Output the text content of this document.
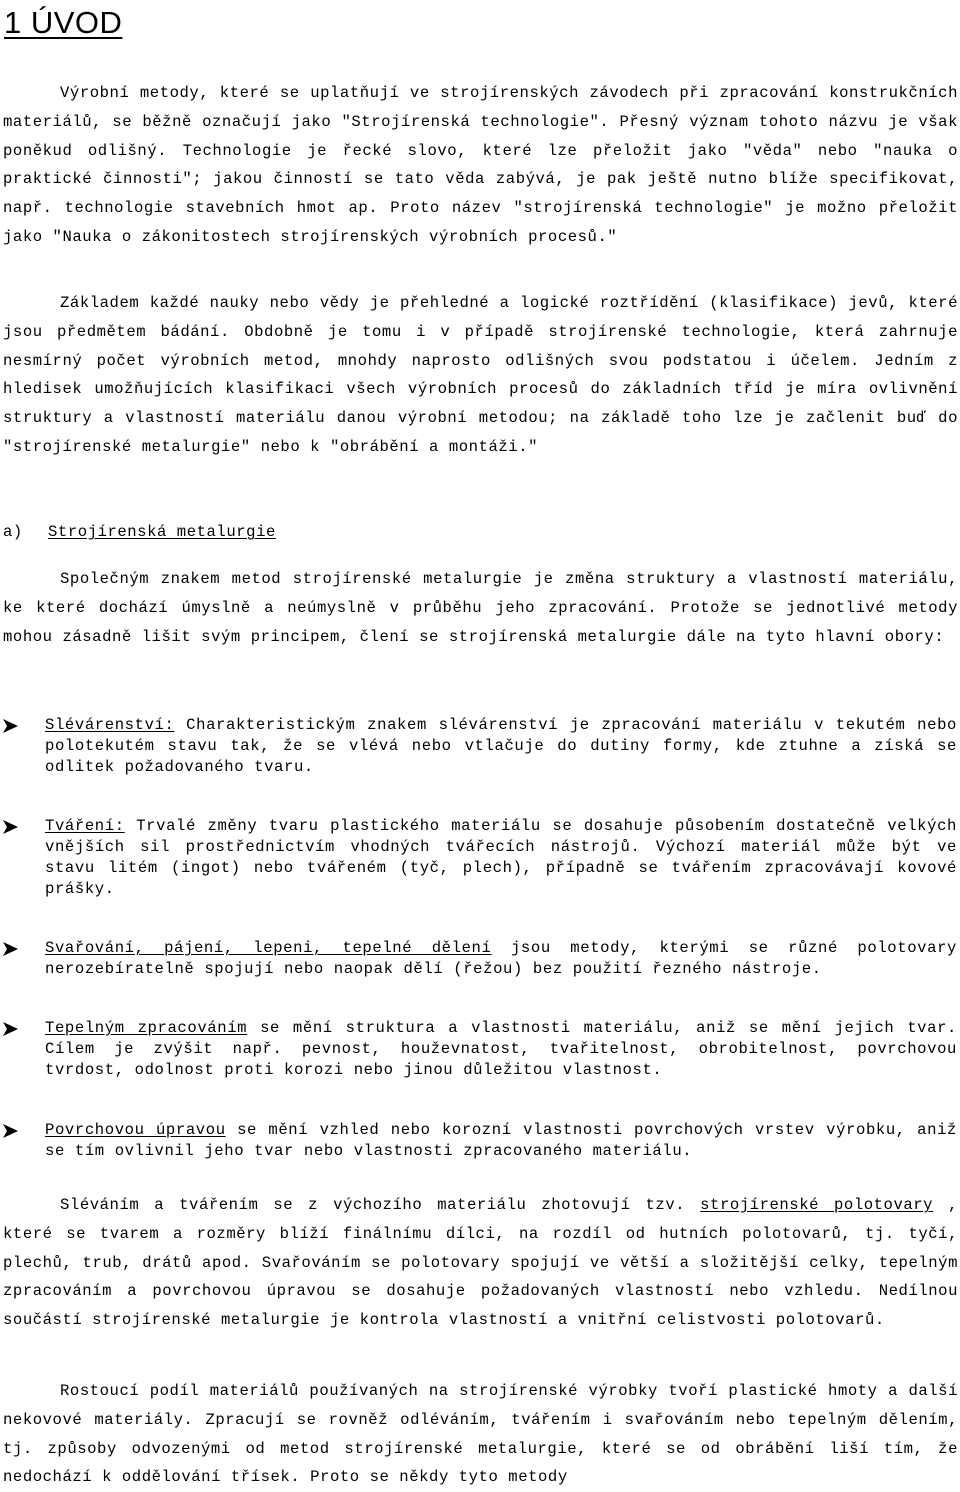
1 ÚVOD

Výrobní metody, které se uplatňují ve strojírenských závodech při zpracování konstrukčních materiálů, se běžně označují jako "Strojírenská technologie". Přesný význam tohoto názvu je však poněkud odlišný. Technologie je řecké slovo, které lze přeložit jako "věda" nebo "nauka o praktické činnosti"; jakou činností se tato věda zabývá, je pak ještě nutno blíže specifikovat, např. technologie stavebních hmot ap. Proto název "strojírenská technologie" je možno přeložit jako "Nauka o zákonitostech strojírenských výrobních procesů."

Základem každé nauky nebo vědy je přehledné a logické roztřídění (klasifikace) jevů, které jsou předmětem bádání. Obdobně je tomu i v případě strojírenské technologie, která zahrnuje nesmírný počet výrobních metod, mnohdy naprosto odlišných svou podstatou i účelem. Jedním z hledisek umožňujících klasifikaci všech výrobních procesů do základních tříd je míra ovlivnění struktury a vlastností materiálu danou výrobní metodou; na základě toho lze je začlenit buď do "strojírenské metalurgie" nebo k "obrábění a montáži."

a) Strojírenská metalurgie

Společným znakem metod strojírenské metalurgie je změna struktury a vlastností materiálu, ke které dochází úmyslně a neúmyslně v průběhu jeho zpracování. Protože se jednotlivé metody mohou zásadně lišit svým principem, člení se strojírenská metalurgie dále na tyto hlavní obory:

Slévárenství: Charakteristickým znakem slévárenství je zpracování materiálu v tekutém nebo polotekutém stavu tak, že se vlévá nebo vtlačuje do dutiny formy, kde ztuhne a získá se odlitek požadovaného tvaru.
Tváření: Trvalé změny tvaru plastického materiálu se dosahuje působením dostatečně velkých vnějších sil prostřednictvím vhodných tvářecích nástrojů. Výchozí materiál může být ve stavu litém (ingot) nebo tvářeném (tyč, plech), případně se tvářením zpracovávají kovové prášky.
Svařování, pájení, lepeni, tepelné dělení jsou metody, kterými se různé polotovary nerozebíratelně spojují nebo naopak dělí (řežou) bez použití řezného nástroje.
Tepelným zpracováním se mění struktura a vlastnosti materiálu, aniž se mění jejich tvar. Cílem je zvýšit např. pevnost, houževnatost, tvařitelnost, obrobitelnost, povrchovou tvrdost, odolnost proti korozi nebo jinou důležitou vlastnost.
Povrchovou úpravou se mění vzhled nebo korozní vlastnosti povrchových vrstev výrobku, aniž se tím ovlivnil jeho tvar nebo vlastnosti zpracovaného materiálu.

Sléváním a tvářením se z výchozího materiálu zhotovují tzv. strojírenské polotovary , které se tvarem a rozměry blíží finálnímu dílci, na rozdíl od hutních polotovarů, tj. tyčí, plechů, trub, drátů apod. Svařováním se polotovary spojují ve větší a složitější celky, tepelným zpracováním a povrchovou úpravou se dosahuje požadovaných vlastností nebo vzhledu. Nedílnou součástí strojírenské metalurgie je kontrola vlastností a vnitřní celistvosti polotovarů.

Rostoucí podíl materiálů používaných na strojírenské výrobky tvoří plastické hmoty a další nekovové materiály. Zpracují se rovněž odléváním, tvářením i svařováním nebo tepelným dělením, tj. způsoby odvozenými od metod strojírenské metalurgie, které se od obrábění liší tím, že nedochází k oddělování třísek. Proto se někdy tyto metody
